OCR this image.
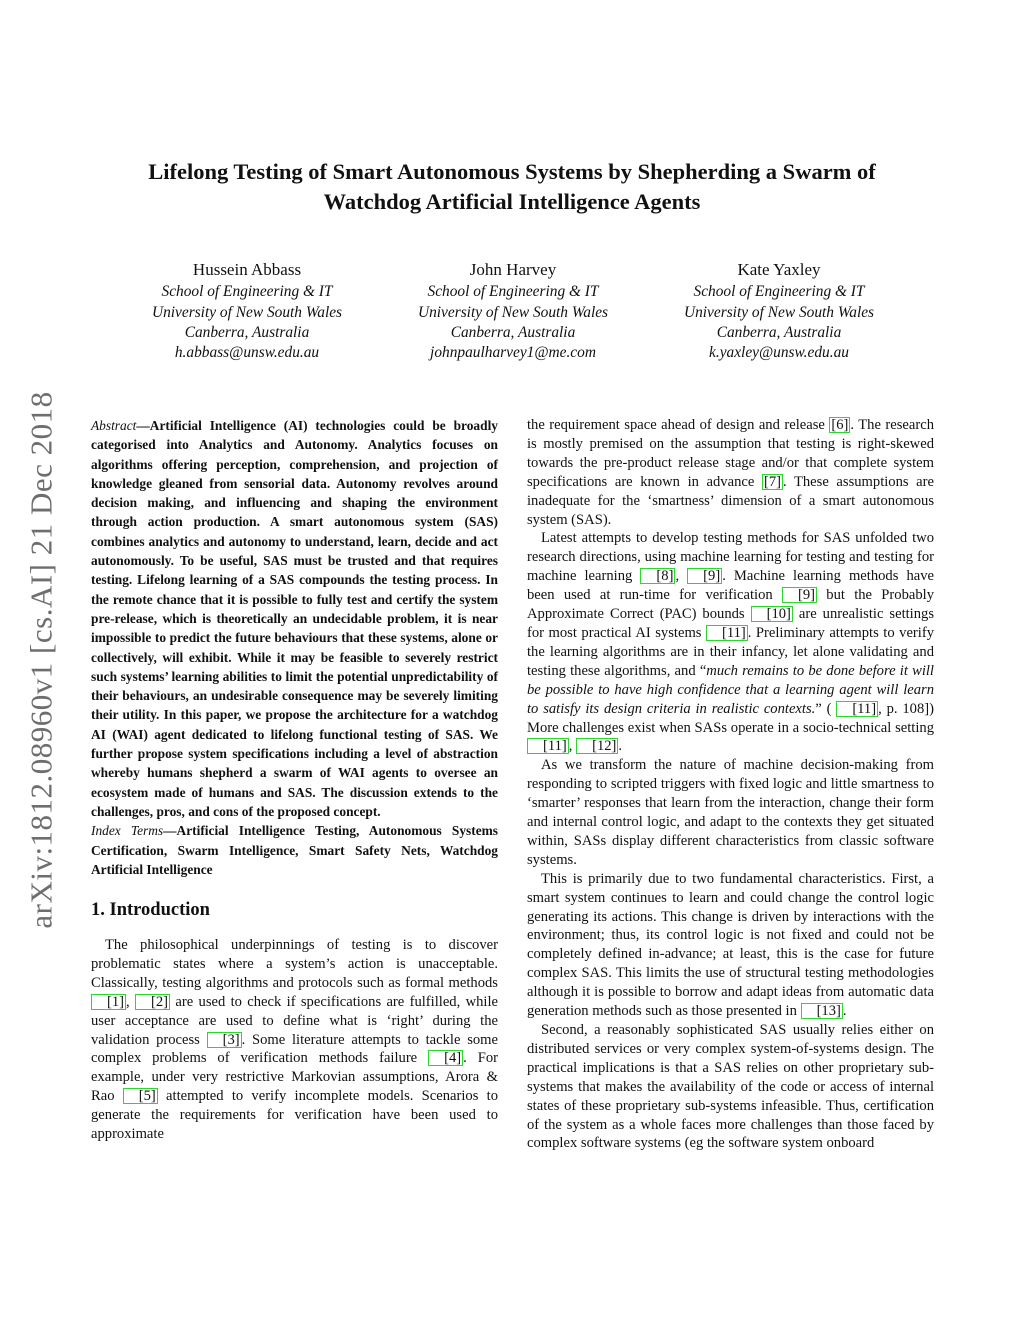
arXiv:1812.08960v1 [cs.AI] 21 Dec 2018
Lifelong Testing of Smart Autonomous Systems by Shepherding a Swarm of
Watchdog Artificial Intelligence Agents
Hussein Abbass
School of Engineering & IT
University of New South Wales
Canberra, Australia
h.abbass@unsw.edu.au
John Harvey
School of Engineering & IT
University of New South Wales
Canberra, Australia
johnpaulharvey1@me.com
Kate Yaxley
School of Engineering & IT
University of New South Wales
Canberra, Australia
k.yaxley@unsw.edu.au

Abstract—Artificial Intelligence (AI) technologies could be broadly categorised into Analytics and Autonomy. Analytics focuses on algorithms offering perception, comprehension, and projection of knowledge gleaned from sensorial data. Autonomy revolves around decision making, and influencing and shaping the environment through action production. A smart autonomous system (SAS) combines analytics and autonomy to understand, learn, decide and act autonomously. To be useful, SAS must be trusted and that requires testing. Lifelong learning of a SAS compounds the testing process. In the remote chance that it is possible to fully test and certify the system pre-release, which is theoretically an undecidable problem, it is near impossible to predict the future behaviours that these systems, alone or collectively, will exhibit. While it may be feasible to severely restrict such systems’ learning abilities to limit the potential unpredictability of their behaviours, an undesirable consequence may be severely limiting their utility. In this paper, we propose the architecture for a watchdog AI (WAI) agent dedicated to lifelong functional testing of SAS. We further propose system specifications including a level of abstraction whereby humans shepherd a swarm of WAI agents to oversee an ecosystem made of humans and SAS. The discussion extends to the challenges, pros, and cons of the proposed concept.

Index Terms—Artificial Intelligence Testing, Autonomous Systems Certification, Swarm Intelligence, Smart Safety Nets, Watchdog Artificial Intelligence

1. Introduction

The philosophical underpinnings of testing is to discover problematic states where a system’s action is unacceptable. Classically, testing algorithms and protocols such as formal methods [1] , [2] are used to check if specifications are fulfilled, while user acceptance are used to define what is ‘right’ during the validation process [3] . Some literature attempts to tackle some complex problems of verification methods failure [4] . For example, under very restrictive Markovian assumptions, Arora & Rao [5] attempted to verify incomplete models. Scenarios to generate the requirements for verification have been used to approximate

the requirement space ahead of design and release [6] . The research is mostly premised on the assumption that testing is right-skewed towards the pre-product release stage and/or that complete system specifications are known in advance [7] . These assumptions are inadequate for the ‘smartness’ dimension of a smart autonomous system (SAS).

Latest attempts to develop testing methods for SAS unfolded two research directions, using machine learning for testing and testing for machine learning [8] , [9] . Machine learning methods have been used at run-time for verification [9] but the Probably Approximate Correct (PAC) bounds [10] are unrealistic settings for most practical AI systems [11] . Preliminary attempts to verify the learning algorithms are in their infancy, let alone validating and testing these algorithms, and “much remains to be done before it will be possible to have high confidence that a learning agent will learn to satisfy its design criteria in realistic contexts.” ( [11] , p. 108]) More challenges exist when SASs operate in a socio-technical setting [11] , [12] .

As we transform the nature of machine decision-making from responding to scripted triggers with fixed logic and little smartness to ‘smarter’ responses that learn from the interaction, change their form and internal control logic, and adapt to the contexts they get situated within, SASs display different characteristics from classic software systems.

This is primarily due to two fundamental characteristics. First, a smart system continues to learn and could change the control logic generating its actions. This change is driven by interactions with the environment; thus, its control logic is not fixed and could not be completely defined in-advance; at least, this is the case for future complex SAS. This limits the use of structural testing methodologies although it is possible to borrow and adapt ideas from automatic data generation methods such as those presented in [13] .

Second, a reasonably sophisticated SAS usually relies either on distributed services or very complex system-of-systems design. The practical implications is that a SAS relies on other proprietary sub-systems that makes the availability of the code or access of internal states of these proprietary sub-systems infeasible. Thus, certification of the system as a whole faces more challenges than those faced by complex software systems (eg the software system onboard
